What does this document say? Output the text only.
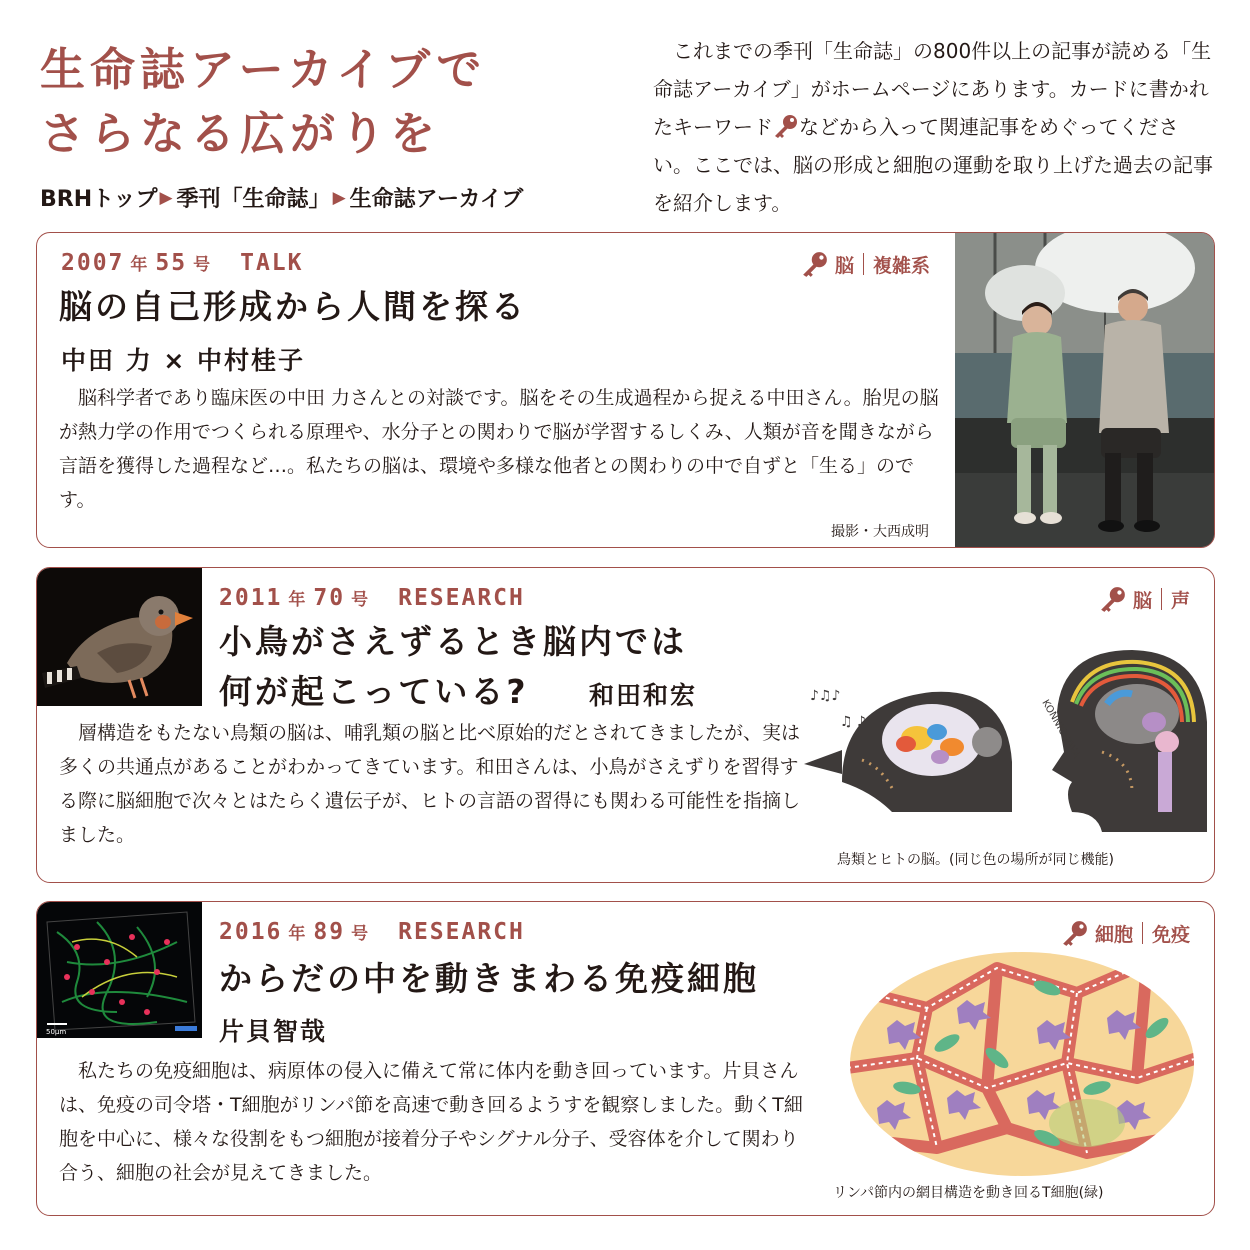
生命誌アーカイブで
さらなる広がりを
BRHトップ ▶ 季刊「生命誌」 ▶ 生命誌アーカイブ
これまでの季刊「生命誌」の800件以上の記事が読める「生命誌アーカイブ」がホームページにあります。カードに書かれたキーワード などから入って関連記事をめぐってください。ここでは、脳の形成と細胞の運動を取り上げた過去の記事を紹介します。
2007 年 55 号 TALK	脳 複雑系
脳の自己形成から人間を探る
中田 力 × 中村桂子
脳科学者であり臨床医の中田 力さんとの対談です。脳をその生成過程から捉える中田さん。胎児の脳が熱力学の作用でつくられる原理や、水分子との関わりで脳が学習するしくみ、人類が音を聞きながら言語を獲得した過程など…。私たちの脳は、環境や多様な他者との関わりの中で自ずと「生る」のです。
撮影・大西成明
2011 年 70 号 RESEARCH	脳 声
小鳥がさえずるとき脳内では
何が起こっている? 和田和宏
層構造をもたない鳥類の脳は、哺乳類の脳と比べ原始的だとされてきましたが、実は多くの共通点があることがわかってきています。和田さんは、小鳥がさえずりを習得する際に脳細胞で次々とはたらく遺伝子が、ヒトの言語の習得にも関わる可能性を指摘しました。
鳥類とヒトの脳。(同じ色の場所が同じ機能)
♪♫♪
♫ ♪	KONNICHIWA
50μm
2016 年 89 号 RESEARCH	細胞 免疫
からだの中を動きまわる免疫細胞
片貝智哉
私たちの免疫細胞は、病原体の侵入に備えて常に体内を動き回っています。片貝さんは、免疫の司令塔・T細胞がリンパ節を高速で動き回るようすを観察しました。動くT細胞を中心に、様々な役割をもつ細胞が接着分子やシグナル分子、受容体を介して関わり合う、細胞の社会が見えてきました。
リンパ節内の網目構造を動き回るT細胞(緑)
